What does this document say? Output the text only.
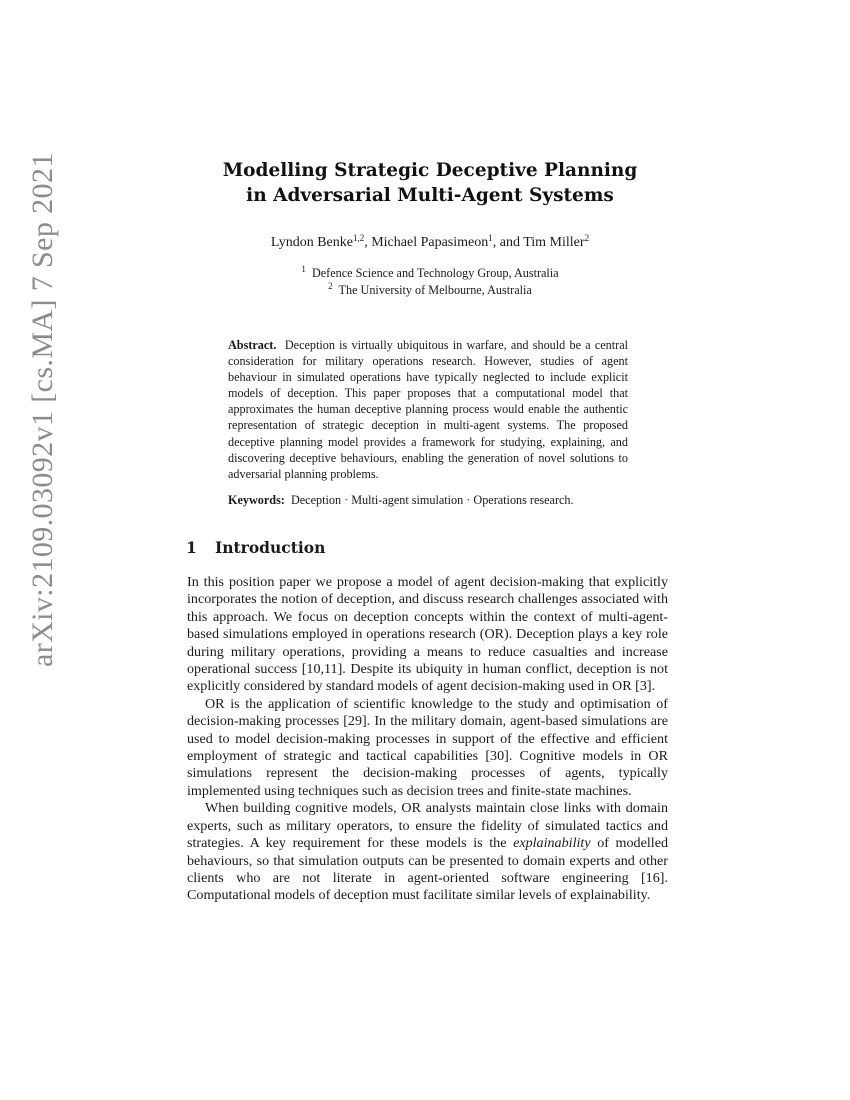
arXiv:2109.03092v1 [cs.MA] 7 Sep 2021	Modelling Strategic Deceptive Planning
in Adversarial Multi-Agent Systems
Lyndon Benke$^{1,2}$, Michael Papasimeon$^1$, and Tim Miller$^2$
$^1$ Defence Science and Technology Group, Australia
$^2$ The University of Melbourne, Australia
Abstract. Deception is virtually ubiquitous in warfare, and should be a central consideration for military operations research. However, studies of agent behaviour in simulated operations have typically neglected to include explicit models of deception. This paper proposes that a computational model that approximates the human deceptive planning process would enable the authentic representation of strategic deception in multi-agent systems. The proposed deceptive planning model provides a framework for studying, explaining, and discovering deceptive behaviours, enabling the generation of novel solutions to adversarial planning problems.
Keywords: Deception · Multi-agent simulation · Operations research.
1 Introduction

In this position paper we propose a model of agent decision-making that explicitly incorporates the notion of deception, and discuss research challenges associated with this approach. We focus on deception concepts within the context of multi-agent-based simulations employed in operations research (OR). Deception plays a key role during military operations, providing a means to reduce casualties and increase operational success [10,11]. Despite its ubiquity in human conflict, deception is not explicitly considered by standard models of agent decision-making used in OR [3].

OR is the application of scientific knowledge to the study and optimisation of decision-making processes [29]. In the military domain, agent-based simulations are used to model decision-making processes in support of the effective and efficient employment of strategic and tactical capabilities [30]. Cognitive models in OR simulations represent the decision-making processes of agents, typically implemented using techniques such as decision trees and finite-state machines.

When building cognitive models, OR analysts maintain close links with domain experts, such as military operators, to ensure the fidelity of simulated tactics and strategies. A key requirement for these models is the explainability of modelled behaviours, so that simulation outputs can be presented to domain experts and other clients who are not literate in agent-oriented software engineering [16]. Computational models of deception must facilitate similar levels of explainability.
